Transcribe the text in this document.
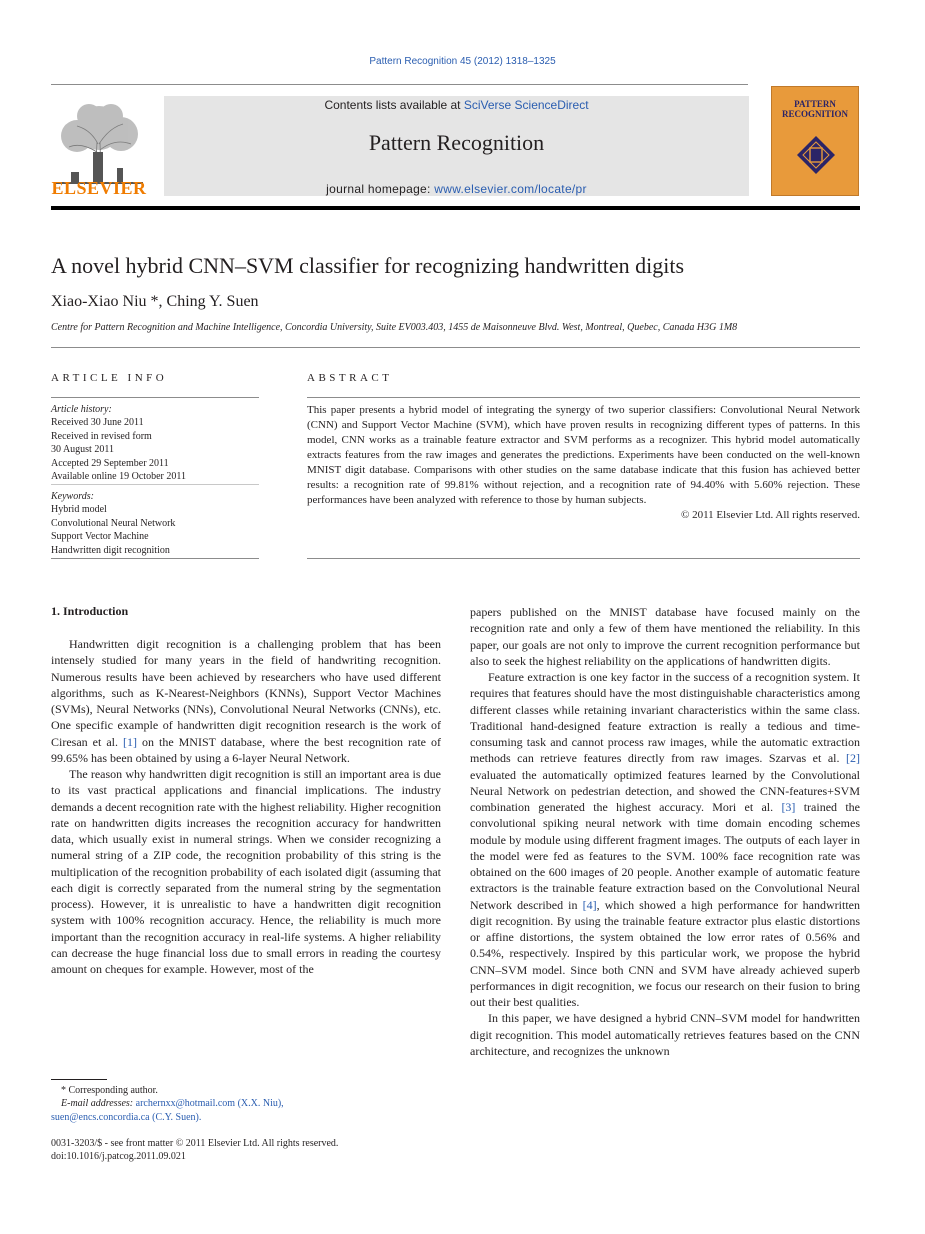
Pattern Recognition 45 (2012) 1318–1325
ELSEVIER
Contents lists available at SciVerse ScienceDirect
Pattern Recognition
journal homepage: www.elsevier.com/locate/pr
PATTERN RECOGNITION
A novel hybrid CNN–SVM classifier for recognizing handwritten digits
Xiao-Xiao Niu *, Ching Y. Suen
Centre for Pattern Recognition and Machine Intelligence, Concordia University, Suite EV003.403, 1455 de Maisonneuve Blvd. West, Montreal, Quebec, Canada H3G 1M8
ARTICLE INFO
Article history:
Received 30 June 2011
Received in revised form
30 August 2011
Accepted 29 September 2011
Available online 19 October 2011
Keywords:
Hybrid model
Convolutional Neural Network
Support Vector Machine
Handwritten digit recognition
ABSTRACT
This paper presents a hybrid model of integrating the synergy of two superior classifiers: Convolutional Neural Network (CNN) and Support Vector Machine (SVM), which have proven results in recognizing different types of patterns. In this model, CNN works as a trainable feature extractor and SVM performs as a recognizer. This hybrid model automatically extracts features from the raw images and generates the predictions. Experiments have been conducted on the well-known MNIST digit database. Comparisons with other studies on the same database indicate that this fusion has achieved better results: a recognition rate of 99.81% without rejection, and a recognition rate of 94.40% with 5.60% rejection. These performances have been analyzed with reference to those by human subjects.
© 2011 Elsevier Ltd. All rights reserved.
1. Introduction

Handwritten digit recognition is a challenging problem that has been intensely studied for many years in the field of handwriting recognition. Numerous results have been achieved by researchers who have used different algorithms, such as K-Nearest-Neighbors (KNNs), Support Vector Machines (SVMs), Neural Networks (NNs), Convolutional Neural Networks (CNNs), etc. One specific example of handwritten digit recognition research is the work of Ciresan et al. [1] on the MNIST database, where the best recognition rate of 99.65% has been obtained by using a 6-layer Neural Network.

The reason why handwritten digit recognition is still an important area is due to its vast practical applications and financial implications. The industry demands a decent recognition rate with the highest reliability. Higher recognition rate on handwritten digits increases the recognition accuracy for handwritten data, which usually exist in numeral strings. When we consider recognizing a numeral string of a ZIP code, the recognition probability of this string is the multiplication of the recognition probability of each isolated digit (assuming that each digit is correctly separated from the numeral string by the segmentation process). However, it is unrealistic to have a handwritten digit recognition system with 100% recognition accuracy. Hence, the reliability is much more important than the recognition accuracy in real-life systems. A higher reliability can decrease the huge financial loss due to small errors in reading the courtesy amount on cheques for example. However, most of the

papers published on the MNIST database have focused mainly on the recognition rate and only a few of them have mentioned the reliability. In this paper, our goals are not only to improve the current recognition performance but also to seek the highest reliability on the applications of handwritten digits.

Feature extraction is one key factor in the success of a recognition system. It requires that features should have the most distinguishable characteristics among different classes while retaining invariant characteristics within the same class. Traditional hand-designed feature extraction is really a tedious and time-consuming task and cannot process raw images, while the automatic extraction methods can retrieve features directly from raw images. Szarvas et al. [2] evaluated the automatically optimized features learned by the Convolutional Neural Network on pedestrian detection, and showed the CNN-features+SVM combination generated the highest accuracy. Mori et al. [3] trained the convolutional spiking neural network with time domain encoding schemes module by module using different fragment images. The outputs of each layer in the model were fed as features to the SVM. 100% face recognition rate was obtained on the 600 images of 20 people. Another example of automatic feature extractors is the trainable feature extraction based on the Convolutional Neural Network described in [4], which showed a high performance for handwritten digit recognition. By using the trainable feature extractor plus elastic distortions or affine distortions, the system obtained the low error rates of 0.56% and 0.54%, respectively. Inspired by this particular work, we propose the hybrid CNN–SVM model. Since both CNN and SVM have already achieved superb performances in digit recognition, we focus our research on their fusion to bring out their best qualities.

In this paper, we have designed a hybrid CNN–SVM model for handwritten digit recognition. This model automatically retrieves features based on the CNN architecture, and recognizes the unknown

* Corresponding author.
E-mail addresses: archernxx@hotmail.com (X.X. Niu),
suen@encs.concordia.ca (C.Y. Suen).
0031-3203/$ - see front matter © 2011 Elsevier Ltd. All rights reserved.
doi:10.1016/j.patcog.2011.09.021
